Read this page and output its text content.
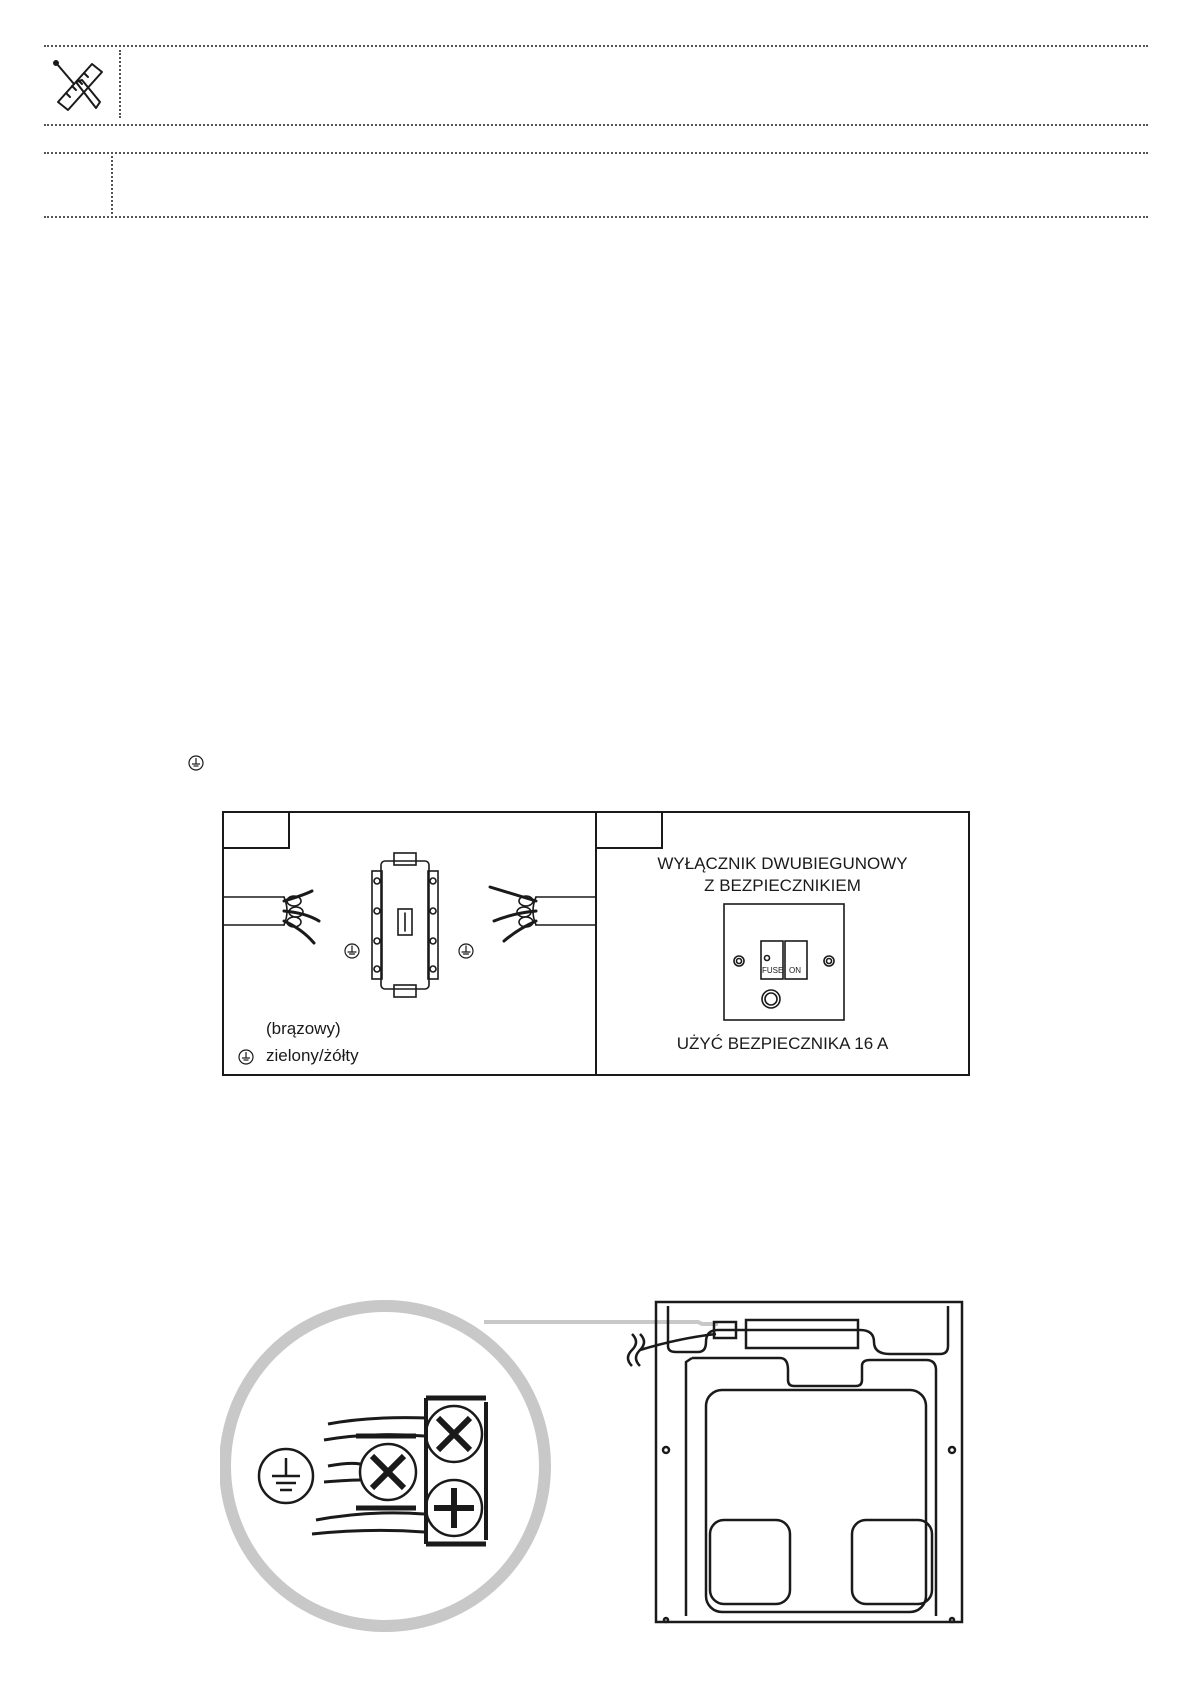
(brązowy)
zielony/żółty
WYŁĄCZNIK DWUBIEGUNOWY
Z BEZPIECZNIKIEM
FUSE ON
UŻYĆ BEZPIECZNIKA 16 A
